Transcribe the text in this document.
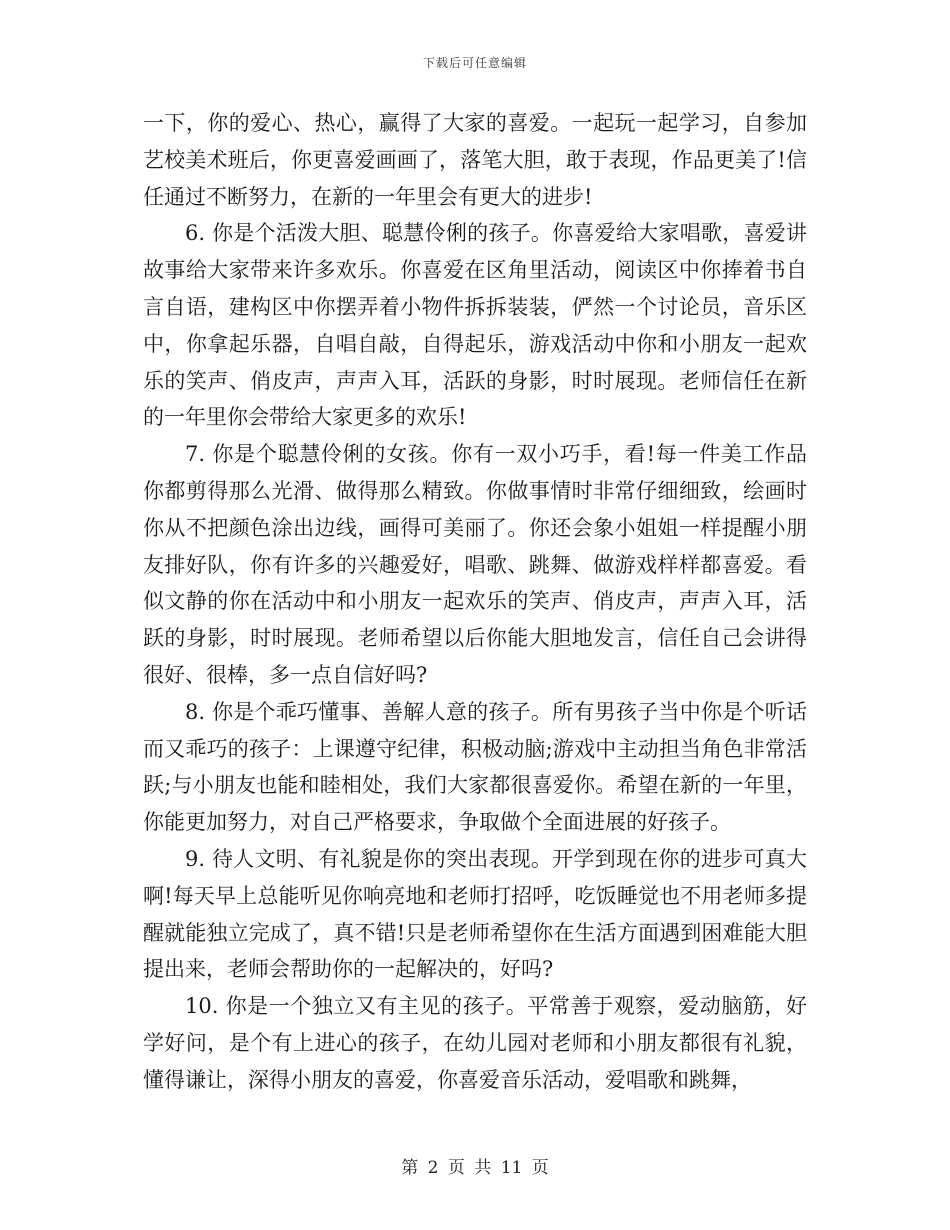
下载后可任意编辑

一下，你的爱心、热心，赢得了大家的喜爱。一起玩一起学习，自参加艺校美术班后，你更喜爱画画了，落笔大胆，敢于表现，作品更美了!信任通过不断努力，在新的一年里会有更大的进步!

6. 你是个活泼大胆、聪慧伶俐的孩子。你喜爱给大家唱歌，喜爱讲故事给大家带来许多欢乐。你喜爱在区角里活动，阅读区中你捧着书自言自语，建构区中你摆弄着小物件拆拆装装，俨然一个讨论员，音乐区中，你拿起乐器，自唱自敲，自得起乐，游戏活动中你和小朋友一起欢乐的笑声、俏皮声，声声入耳，活跃的身影，时时展现。老师信任在新的一年里你会带给大家更多的欢乐!

7. 你是个聪慧伶俐的女孩。你有一双小巧手，看!每一件美工作品你都剪得那么光滑、做得那么精致。你做事情时非常仔细细致，绘画时你从不把颜色涂出边线，画得可美丽了。你还会象小姐姐一样提醒小朋友排好队，你有许多的兴趣爱好，唱歌、跳舞、做游戏样样都喜爱。看似文静的你在活动中和小朋友一起欢乐的笑声、俏皮声，声声入耳，活跃的身影，时时展现。老师希望以后你能大胆地发言，信任自己会讲得很好、很棒，多一点自信好吗?

8. 你是个乖巧懂事、善解人意的孩子。所有男孩子当中你是个听话而又乖巧的孩子：上课遵守纪律，积极动脑;游戏中主动担当角色非常活跃;与小朋友也能和睦相处，我们大家都很喜爱你。希望在新的一年里，你能更加努力，对自己严格要求，争取做个全面进展的好孩子。

9. 待人文明、有礼貌是你的突出表现。开学到现在你的进步可真大啊!每天早上总能听见你响亮地和老师打招呼，吃饭睡觉也不用老师多提醒就能独立完成了，真不错!只是老师希望你在生活方面遇到困难能大胆提出来，老师会帮助你的一起解决的，好吗?

10. 你是一个独立又有主见的孩子。平常善于观察，爱动脑筋，好学好问，是个有上进心的孩子，在幼儿园对老师和小朋友都很有礼貌，懂得谦让，深得小朋友的喜爱，你喜爱音乐活动，爱唱歌和跳舞，

第 2 页 共 11 页
